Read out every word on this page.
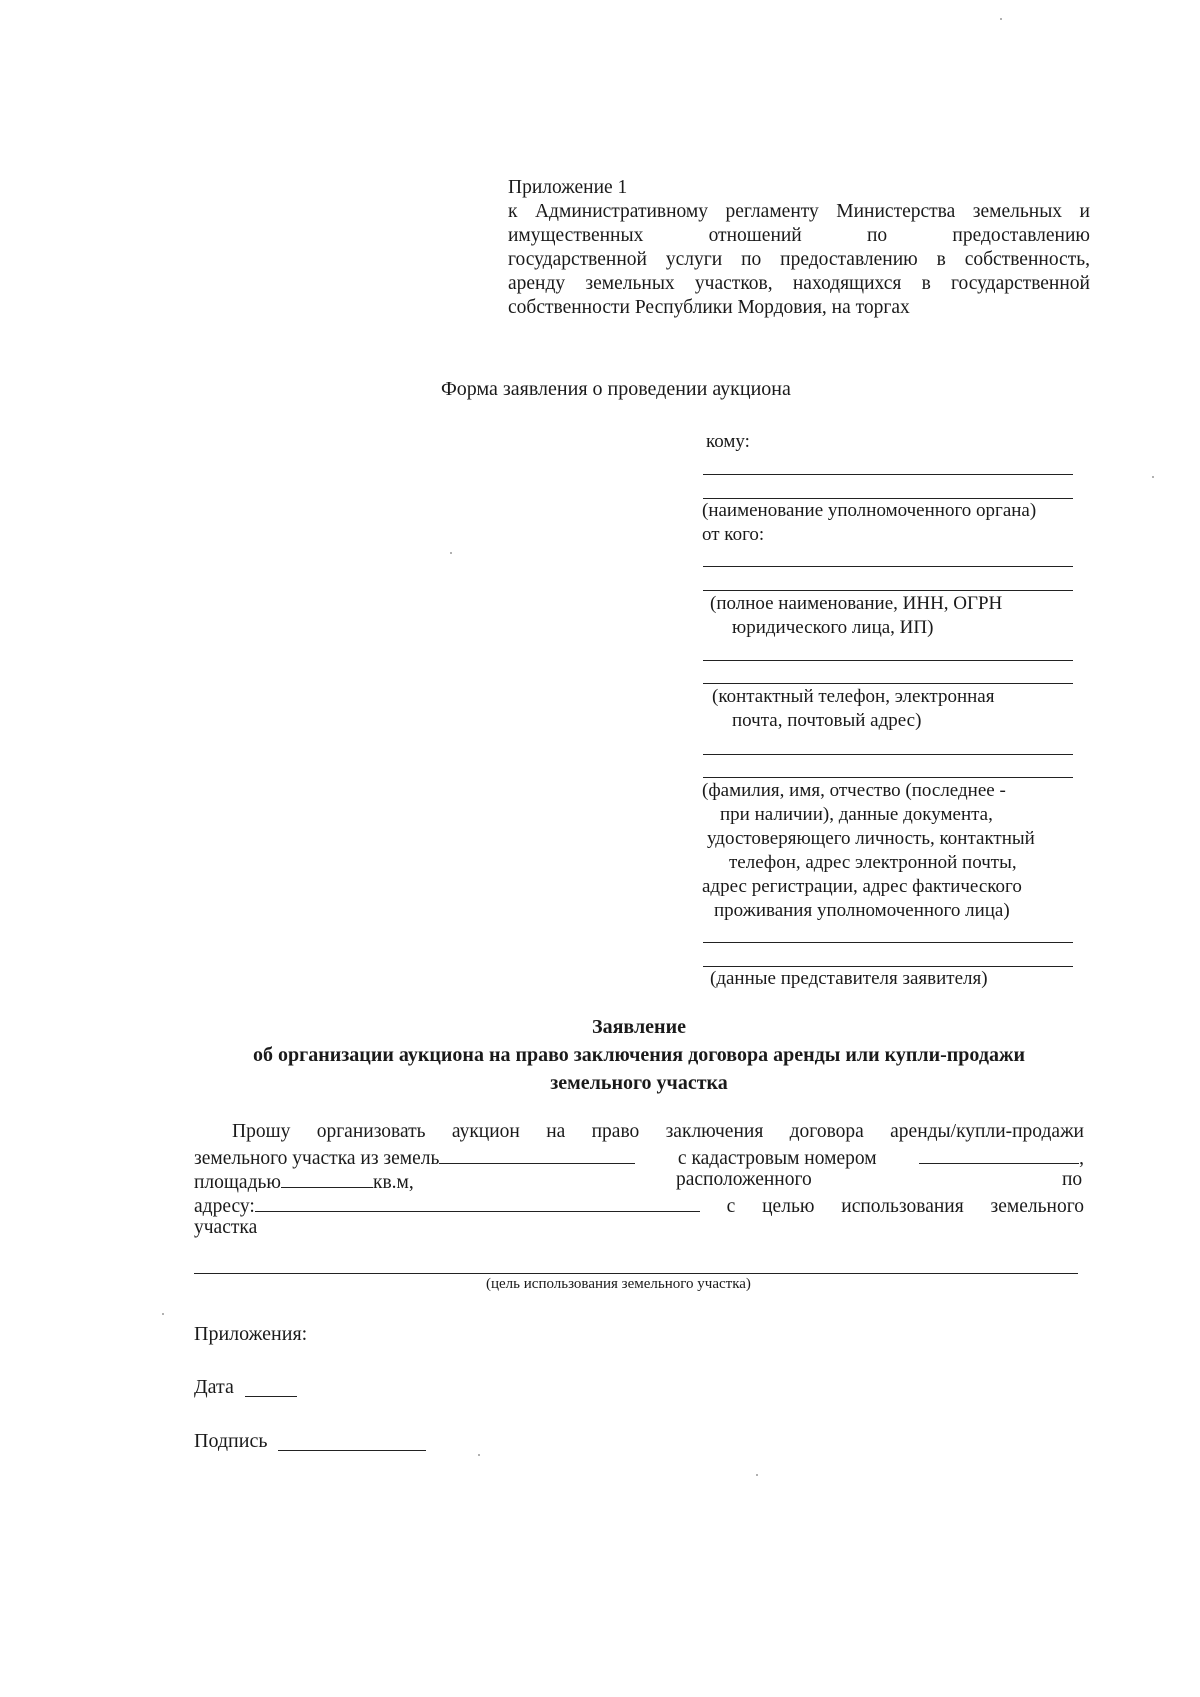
Приложение 1
к Административному регламенту Министерства земельных и
имущественных отношений по предоставлению
государственной услуги по предоставлению в собственность,
аренду земельных участков, находящихся в государственной
собственности Республики Мордовия, на торгах
Форма заявления о проведении аукциона
кому:
(наименование уполномоченного органа)
от кого:
(полное наименование, ИНН, ОГРН
юридического лица, ИП)
(контактный телефон, электронная
почта, почтовый адрес)
(фамилия, имя, отчество (последнее -
при наличии), данные документа,
удостоверяющего личность, контактный
телефон, адрес электронной почты,
адрес регистрации, адрес фактического
проживания уполномоченного лица)
(данные представителя заявителя)
Заявление
об организации аукциона на право заключения договора аренды или купли-продажи
земельного участка
Прошу организовать аукцион на право заключения договора аренды/купли-продажи
земельного участка из земель	с кадастровым номером	,
площадью	кв.м,	расположенного	по
адресу:	с целью использования земельного
участка
(цель использования земельного участка)
Приложения:
Дата
Подпись
